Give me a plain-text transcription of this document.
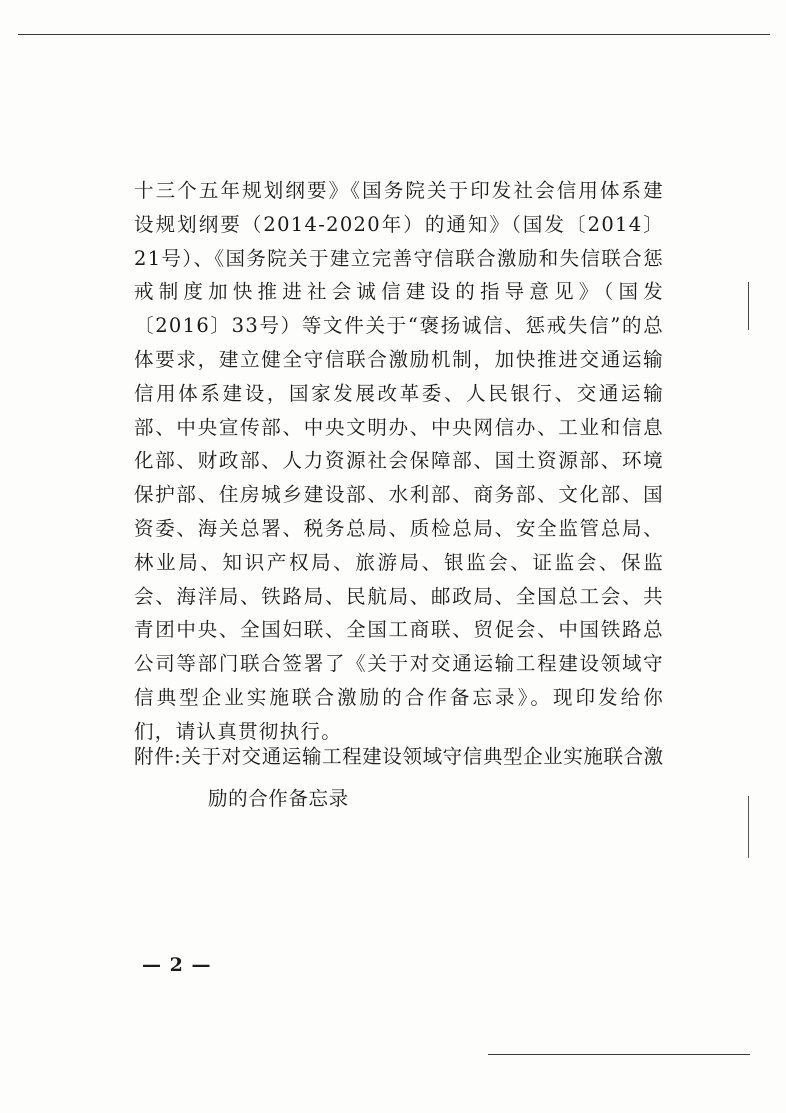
十三个五年规划纲要》《国务院关于印发社会信用体系建设规划纲要（2014-2020年）的通知》（国发〔2014〕21号）、《国务院关于建立完善守信联合激励和失信联合惩戒制度加快推进社会诚信建设的指导意见》（国发〔2016〕33号）等文件关于“褒扬诚信、惩戒失信”的总体要求，建立健全守信联合激励机制，加快推进交通运输信用体系建设，国家发展改革委、人民银行、交通运输部、中央宣传部、中央文明办、中央网信办、工业和信息化部、财政部、人力资源社会保障部、国土资源部、环境保护部、住房城乡建设部、水利部、商务部、文化部、国资委、海关总署、税务总局、质检总局、安全监管总局、林业局、知识产权局、旅游局、银监会、证监会、保监会、海洋局、铁路局、民航局、邮政局、全国总工会、共青团中央、全国妇联、全国工商联、贸促会、中国铁路总公司等部门联合签署了《关于对交通运输工程建设领域守信典型企业实施联合激励的合作备忘录》。现印发给你们，请认真贯彻执行。

附件:关于对交通运输工程建设领域守信典型企业实施联合激
励的合作备忘录
— 2 —
